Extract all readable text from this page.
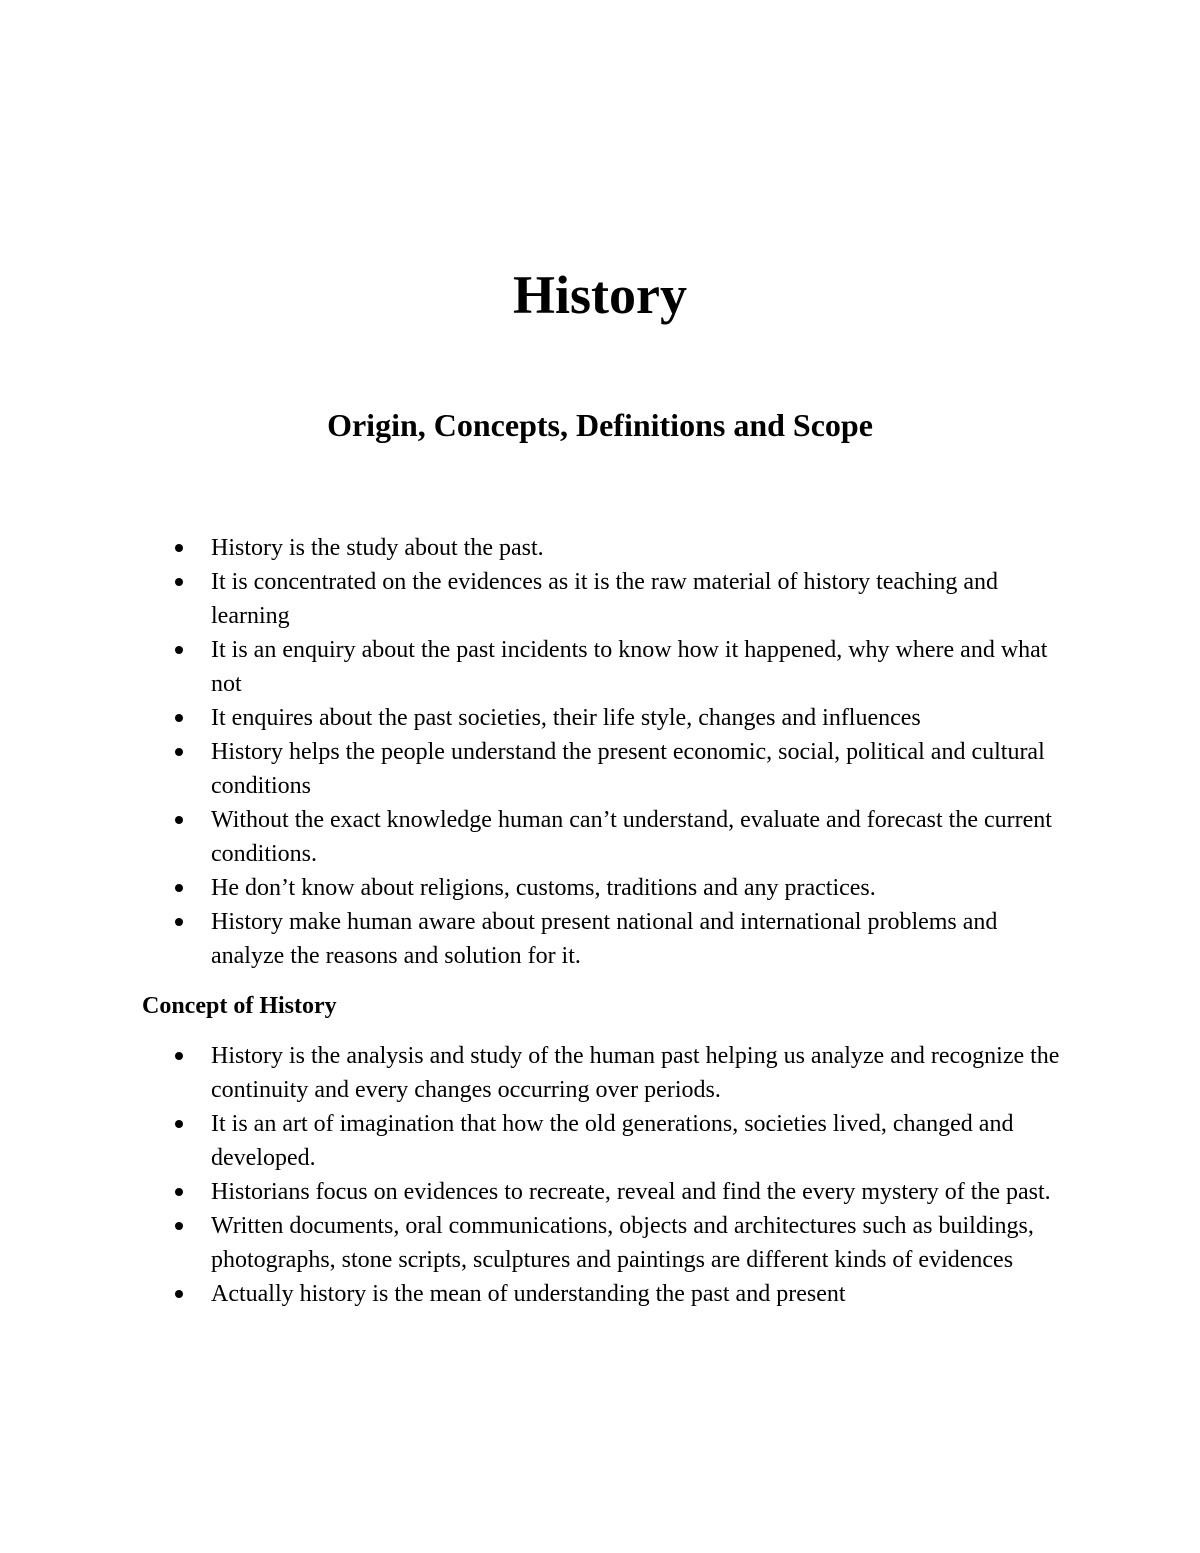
History
Origin, Concepts, Definitions and Scope
History is the study about the past.
It is concentrated on the evidences as it is the raw material of history teaching and learning
It is an enquiry about the past incidents to know how it happened, why where and what not
It enquires about the past societies, their life style, changes and influences
History helps the people understand the present economic, social, political and cultural conditions
Without the exact knowledge human can’t understand, evaluate and forecast the current conditions.
He don’t know about religions, customs, traditions and any practices.
History make human aware about present national and international problems and analyze the reasons and solution for it.
Concept of History
History is the analysis and study of the human past helping us analyze and recognize the continuity and every changes occurring over periods.
It is an art of imagination that how the old generations, societies lived, changed and developed.
Historians focus on evidences to recreate, reveal and find the every mystery of the past.
Written documents, oral communications, objects and architectures such as buildings, photographs, stone scripts, sculptures and paintings are different kinds of evidences
Actually history is the mean of understanding the past and present
